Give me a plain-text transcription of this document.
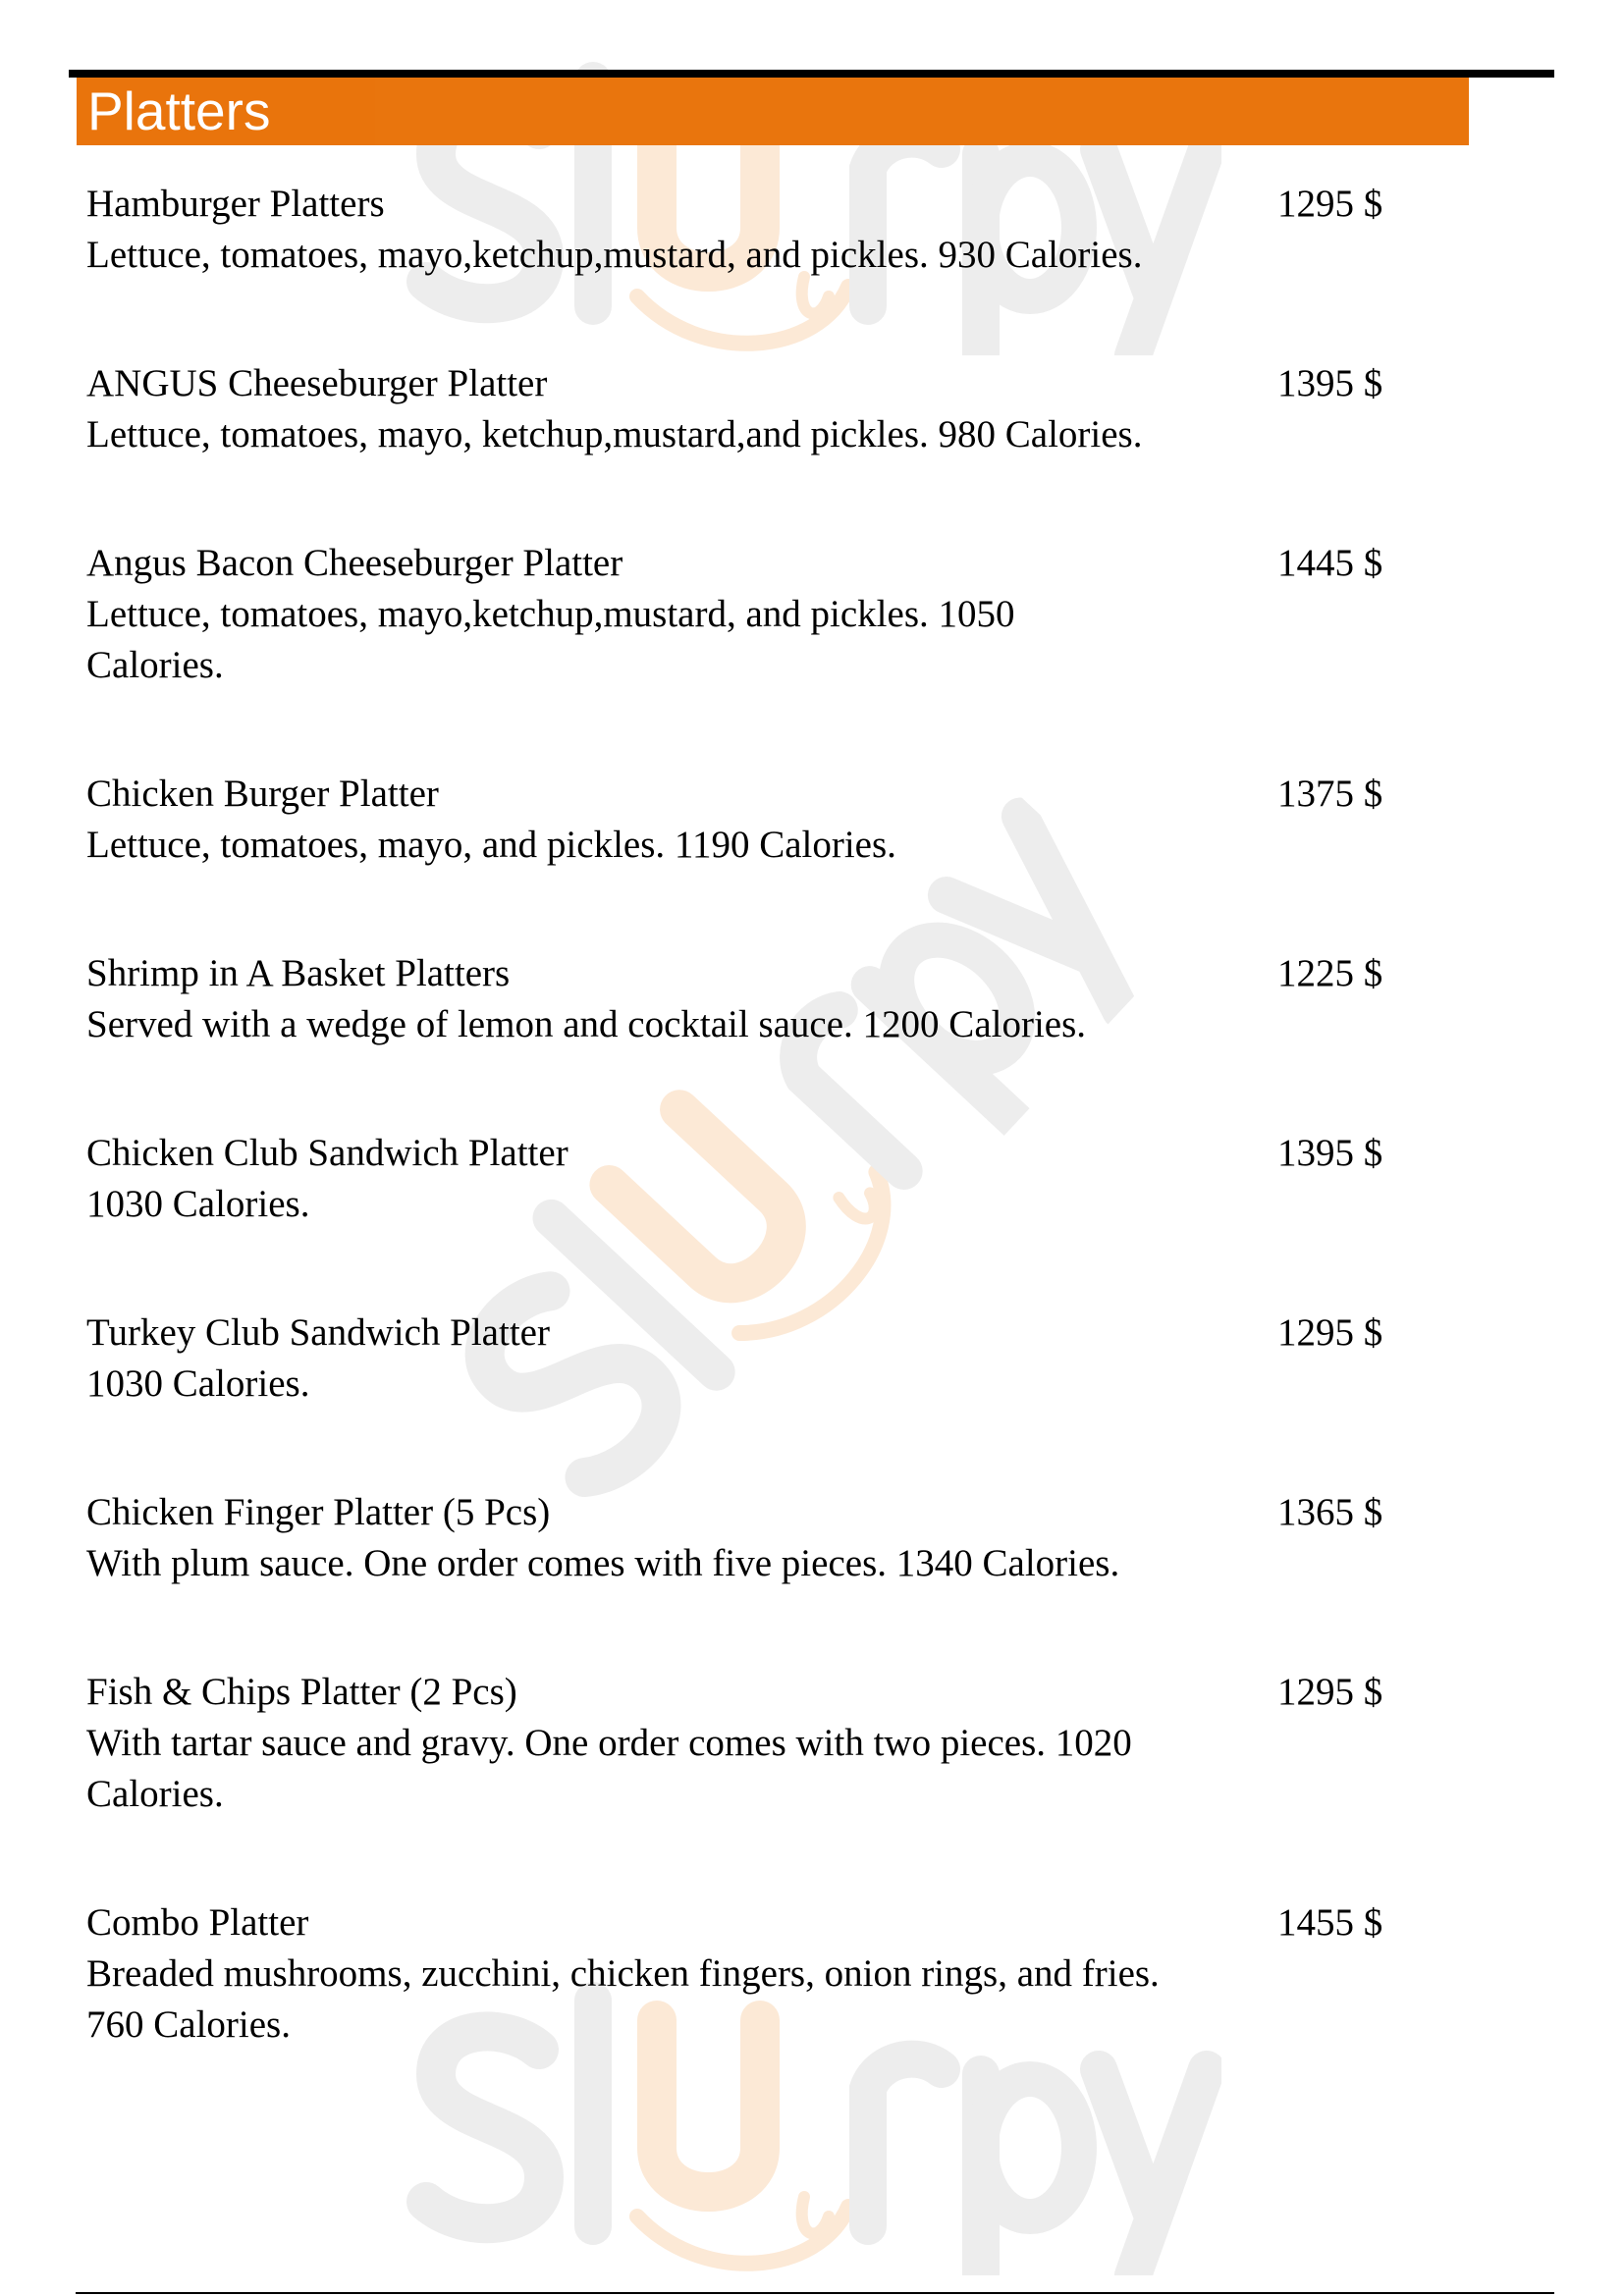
Platters
Hamburger Platters
Lettuce, tomatoes, mayo,ketchup,mustard, and pickles. 930 Calories.
1295 $
ANGUS Cheeseburger Platter
Lettuce, tomatoes, mayo, ketchup,mustard,and pickles. 980 Calories.
1395 $
Angus Bacon Cheeseburger Platter
Lettuce, tomatoes, mayo,ketchup,mustard, and pickles. 1050 Calories.
1445 $
Chicken Burger Platter
Lettuce, tomatoes, mayo, and pickles. 1190 Calories.
1375 $
Shrimp in A Basket Platters
Served with a wedge of lemon and cocktail sauce. 1200 Calories.
1225 $
Chicken Club Sandwich Platter
1030 Calories.
1395 $
Turkey Club Sandwich Platter
1030 Calories.
1295 $
Chicken Finger Platter (5 Pcs)
With plum sauce. One order comes with five pieces. 1340 Calories.
1365 $
Fish & Chips Platter (2 Pcs)
With tartar sauce and gravy. One order comes with two pieces. 1020 Calories.
1295 $
Combo Platter
Breaded mushrooms, zucchini, chicken fingers, onion rings, and fries. 760 Calories.
1455 $
